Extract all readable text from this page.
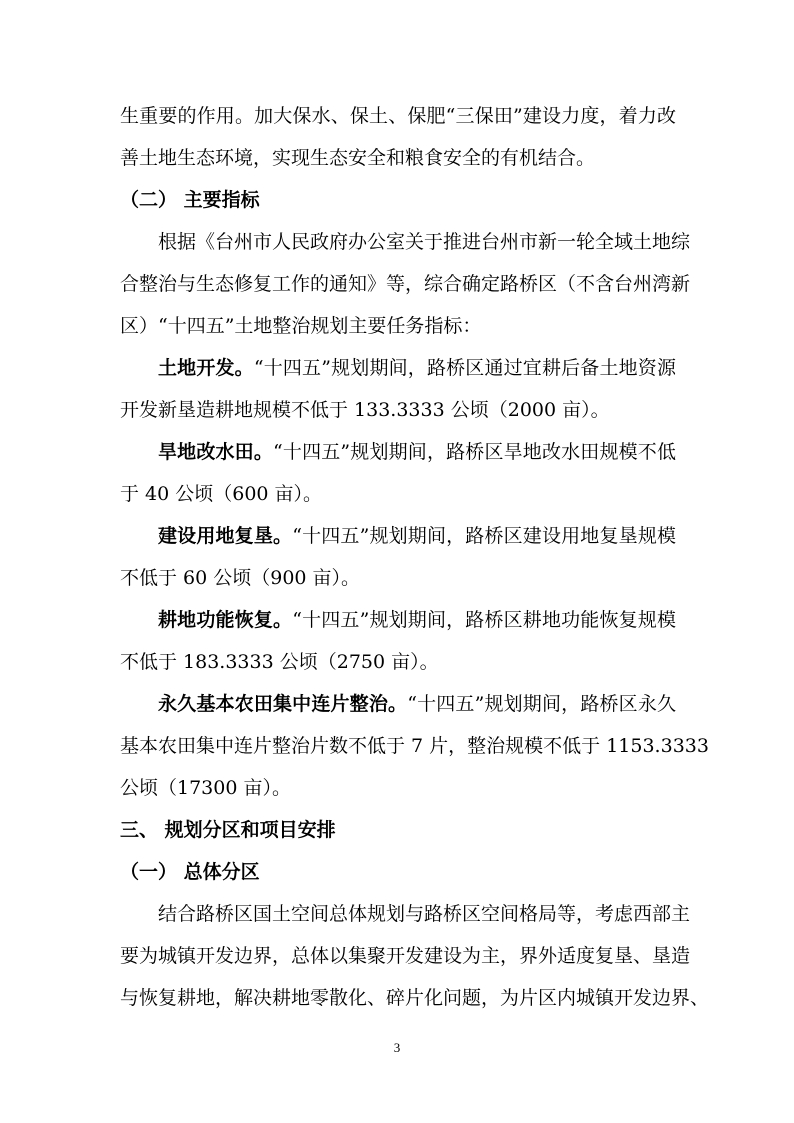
生重要的作用。加大保水、保土、保肥“三保田”建设力度，着力改
善土地生态环境，实现生态安全和粮食安全的有机结合。
（二） 主要指标
根据《台州市人民政府办公室关于推进台州市新一轮全域土地综
合整治与生态修复工作的通知》等，综合确定路桥区（不含台州湾新
区）“十四五”土地整治规划主要任务指标：
土地开发。“十四五”规划期间，路桥区通过宜耕后备土地资源
开发新垦造耕地规模不低于 133.3333 公顷（2000 亩）。
旱地改水田。“十四五”规划期间，路桥区旱地改水田规模不低
于 40 公顷（600 亩）。
建设用地复垦。“十四五”规划期间，路桥区建设用地复垦规模
不低于 60 公顷（900 亩）。
耕地功能恢复。“十四五”规划期间，路桥区耕地功能恢复规模
不低于 183.3333 公顷（2750 亩）。
永久基本农田集中连片整治。“十四五”规划期间，路桥区永久
基本农田集中连片整治片数不低于 7 片，整治规模不低于 1153.3333
公顷（17300 亩）。
三、 规划分区和项目安排
（一） 总体分区
结合路桥区国土空间总体规划与路桥区空间格局等，考虑西部主
要为城镇开发边界，总体以集聚开发建设为主，界外适度复垦、垦造
与恢复耕地，解决耕地零散化、碎片化问题，为片区内城镇开发边界、
3
